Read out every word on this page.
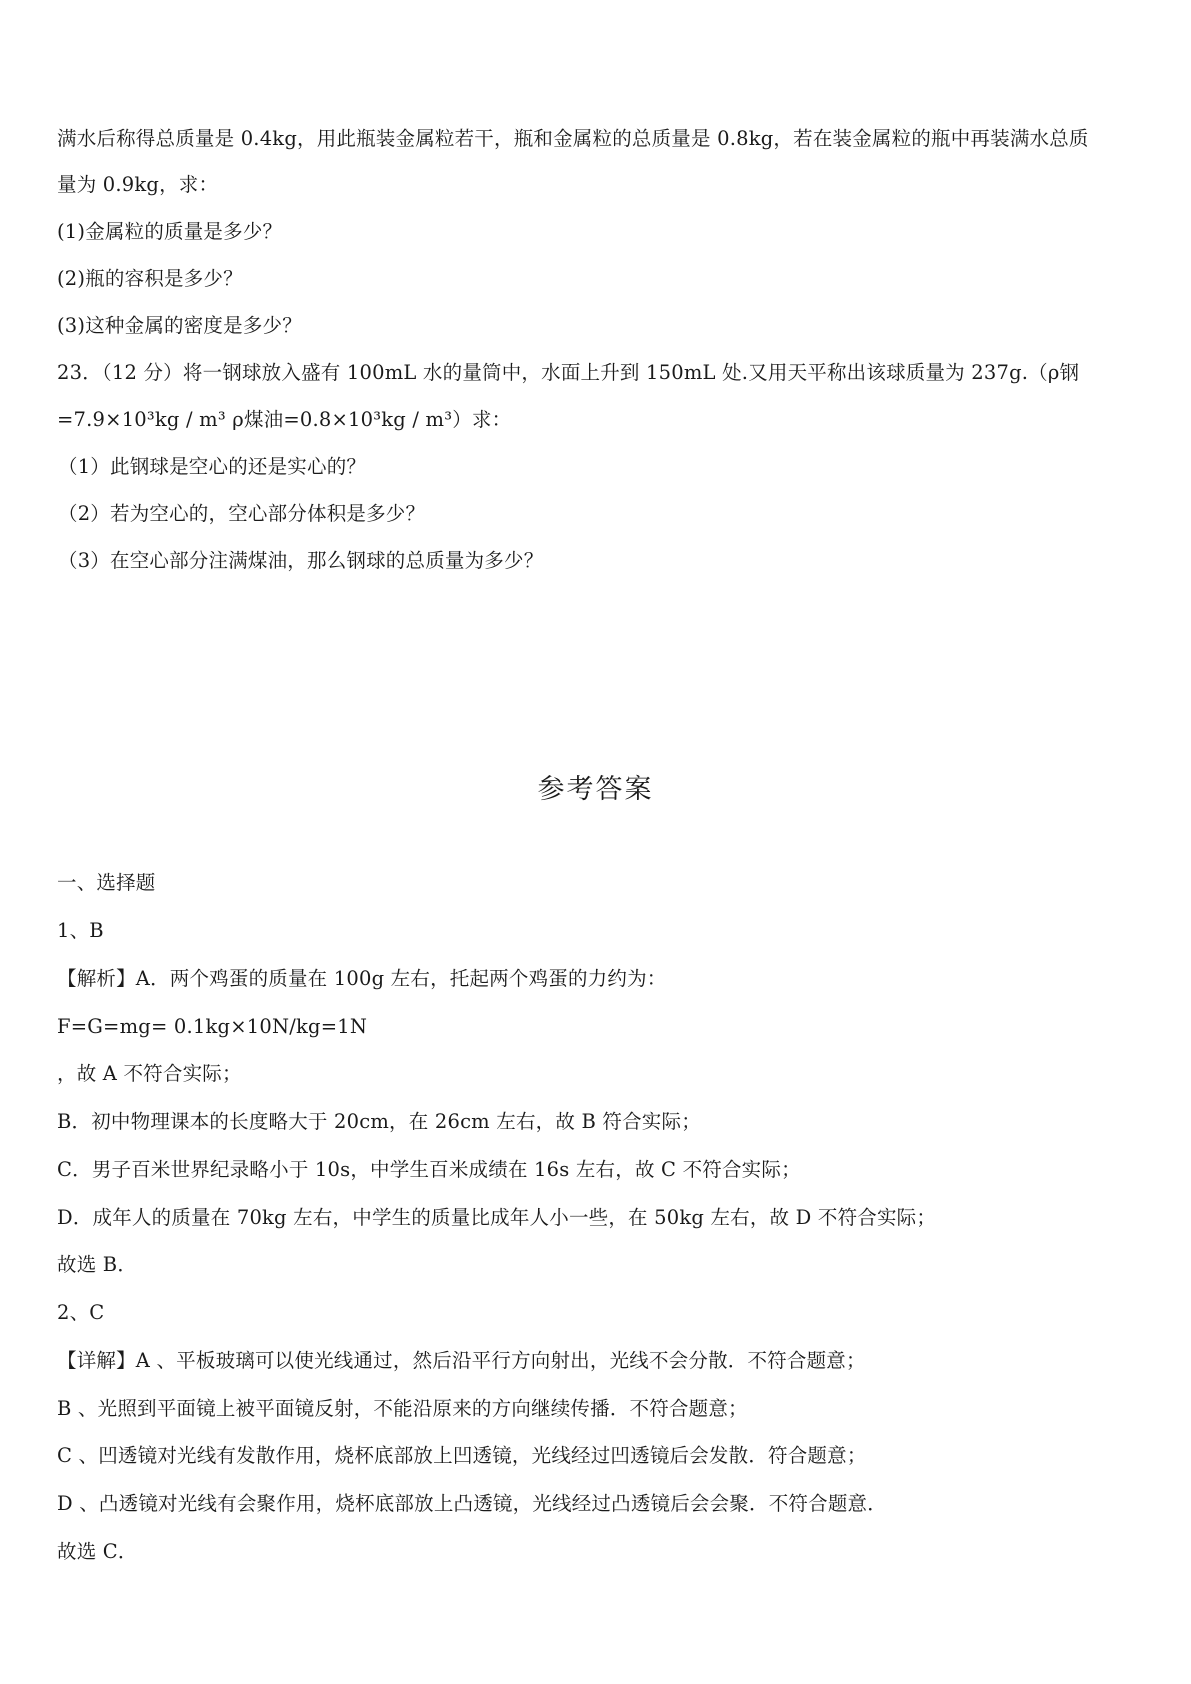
满水后称得总质量是 0.4kg，用此瓶装金属粒若干，瓶和金属粒的总质量是 0.8kg，若在装金属粒的瓶中再装满水总质
量为 0.9kg，求：
(1)金属粒的质量是多少？
(2)瓶的容积是多少？
(3)这种金属的密度是多少？
23．（12 分）将一钢球放入盛有 100mL 水的量筒中，水面上升到 150mL 处.又用天平称出该球质量为 237g.（ρ钢
=7.9×10³kg / m³ ρ煤油=0.8×10³kg / m³）求：
（1）此钢球是空心的还是实心的？
（2）若为空心的，空心部分体积是多少？
（3）在空心部分注满煤油，那么钢球的总质量为多少？
参考答案
一、选择题
1、B
【解析】A．两个鸡蛋的质量在 100g 左右，托起两个鸡蛋的力约为：
F=G=mg= 0.1kg×10N/kg=1N
，故 A 不符合实际；
B．初中物理课本的长度略大于 20cm，在 26cm 左右，故 B 符合实际；
C．男子百米世界纪录略小于 10s，中学生百米成绩在 16s 左右，故 C 不符合实际；
D．成年人的质量在 70kg 左右，中学生的质量比成年人小一些，在 50kg 左右，故 D 不符合实际；
故选 B．
2、C
【详解】A 、平板玻璃可以使光线通过，然后沿平行方向射出，光线不会分散．不符合题意；
B 、光照到平面镜上被平面镜反射，不能沿原来的方向继续传播．不符合题意；
C 、凹透镜对光线有发散作用，烧杯底部放上凹透镜，光线经过凹透镜后会发散．符合题意；
D 、凸透镜对光线有会聚作用，烧杯底部放上凸透镜，光线经过凸透镜后会会聚．不符合题意．
故选 C．
